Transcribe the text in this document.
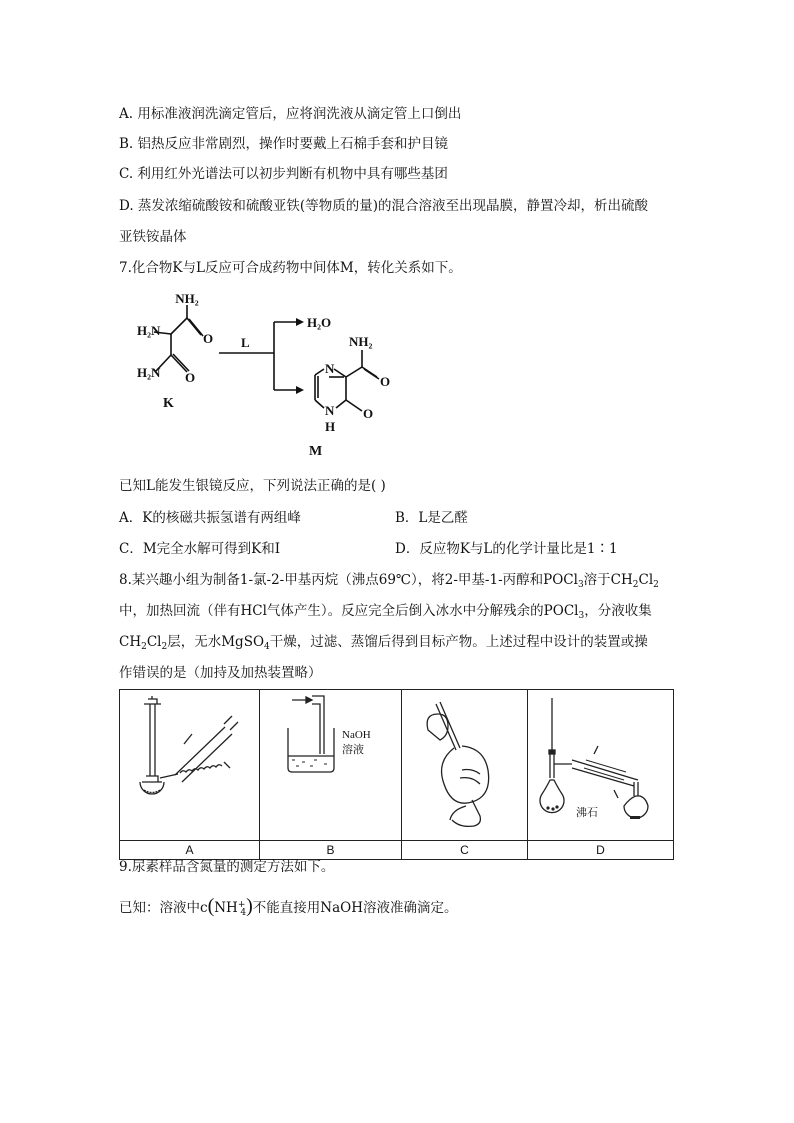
A. 用标准液润洗滴定管后，应将润洗液从滴定管上口倒出
B. 铝热反应非常剧烈，操作时要戴上石棉手套和护目镜
C. 利用红外光谱法可以初步判断有机物中具有哪些基团
D. 蒸发浓缩硫酸铵和硫酸亚铁(等物质的量)的混合溶液至出现晶膜，静置冷却，析出硫酸
亚铁铵晶体
7.化合物K与L反应可合成药物中间体M，转化关系如下。
NH₂
H₂N
O
H₂N O
K
L
H₂O
N
N
H
O
O
NH₂
M
已知L能发生银镜反应，下列说法正确的是( )
A．K的核磁共振氢谱有两组峰	B．L是乙醛
C．M完全水解可得到K和I	D．反应物K与L的化学计量比是1∶1
8.某兴趣小组为制备1-氯-2-甲基丙烷（沸点69℃），将2-甲基-1-丙醇和POCl$_3$溶于$CH_2Cl_2$
中，加热回流（伴有HCl气体产生）。反应完全后倒入冰水中分解残余的POCl$_3$，分液收集
$CH_2Cl_2$层，无水MgSO$_4$干燥，过滤、蒸馏后得到目标产物。上述过程中设计的装置或操
作错误的是（加持及加热装置略）

NaOH
溶液		沸石

A	B	C	D
9.尿素样品含氮量的测定方法如下。
已知：溶液中$c(NH^+_4)$不能直接用NaOH溶液准确滴定。
